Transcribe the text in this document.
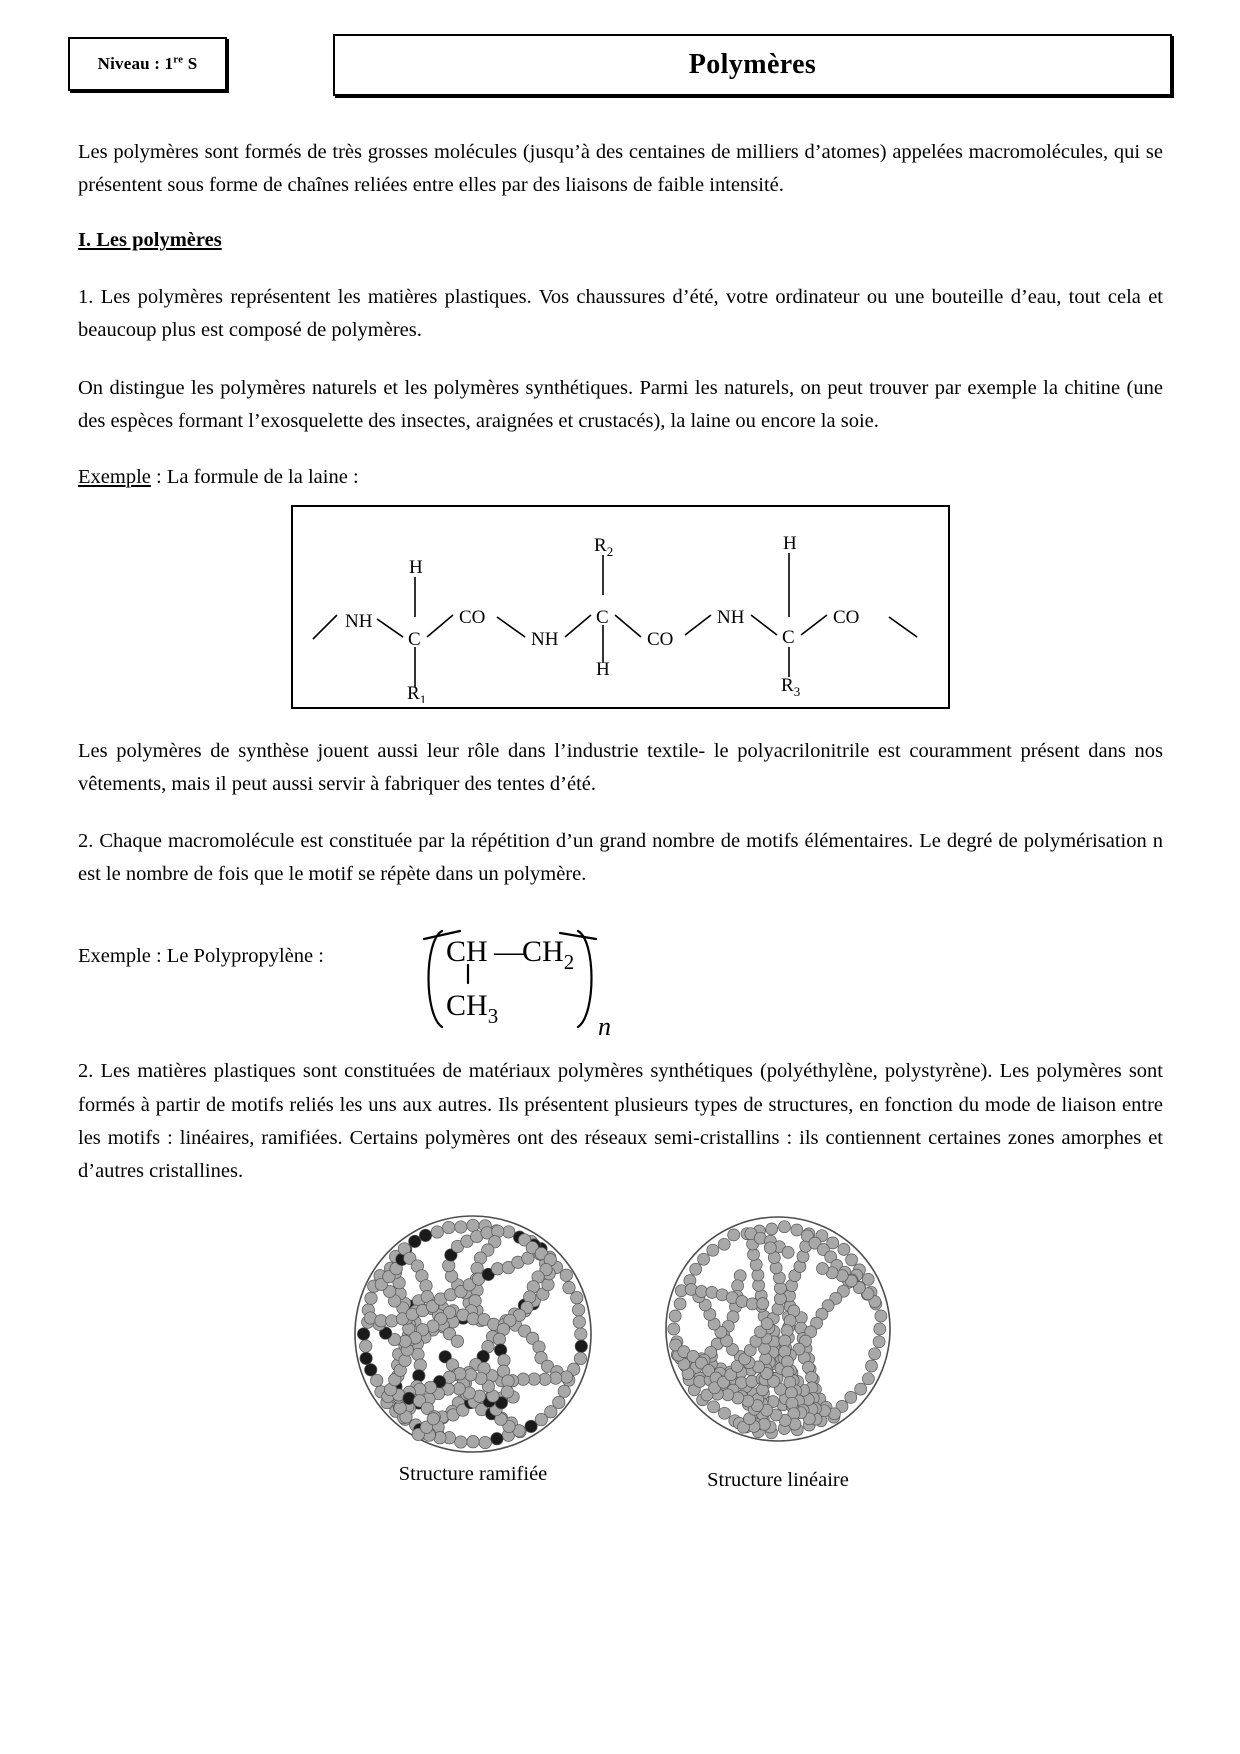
Niveau : 1re S	Polymères

Les polymères sont formés de très grosses molécules (jusqu’à des centaines de milliers d’atomes) appelées macromolécules, qui se présentent sous forme de chaînes reliées entre elles par des liaisons de faible intensité.

I. Les polymères

1. Les polymères représentent les matières plastiques. Vos chaussures d’été, votre ordinateur ou une bouteille d’eau, tout cela et beaucoup plus est composé de polymères.

On distingue les polymères naturels et les polymères synthétiques. Parmi les naturels, on peut trouver par exemple la chitine (une des espèces formant l’exosquelette des insectes, araignées et crustacés), la laine ou encore la soie.

Exemple : La formule de la laine :

NH
C
CO
NH
C
CO
NH
C
CO
H
$R_2$	H
$R_1$
H
$R_3$

Les polymères de synthèse jouent aussi leur rôle dans l’industrie textile- le polyacrilonitrile est couramment présent dans nos vêtements, mais il peut aussi servir à fabriquer des tentes d’été.

2. Chaque macromolécule est constituée par la répétition d’un grand nombre de motifs élémentaires. Le degré de polymérisation n est le nombre de fois que le motif se répète dans un polymère.

Exemple : Le Polypropylène :	CH —
$CH_2$
$CH_3$	n

2. Les matières plastiques sont constituées de matériaux polymères synthétiques (polyéthylène, polystyrène). Les polymères sont formés à partir de motifs reliés les uns aux autres. Ils présentent plusieurs types de structures, en fonction du mode de liaison entre les motifs : linéaires, ramifiées. Certains polymères ont des réseaux semi-cristallins : ils contiennent certaines zones amorphes et d’autres cristallines.

Structure ramifiée	Structure linéaire
